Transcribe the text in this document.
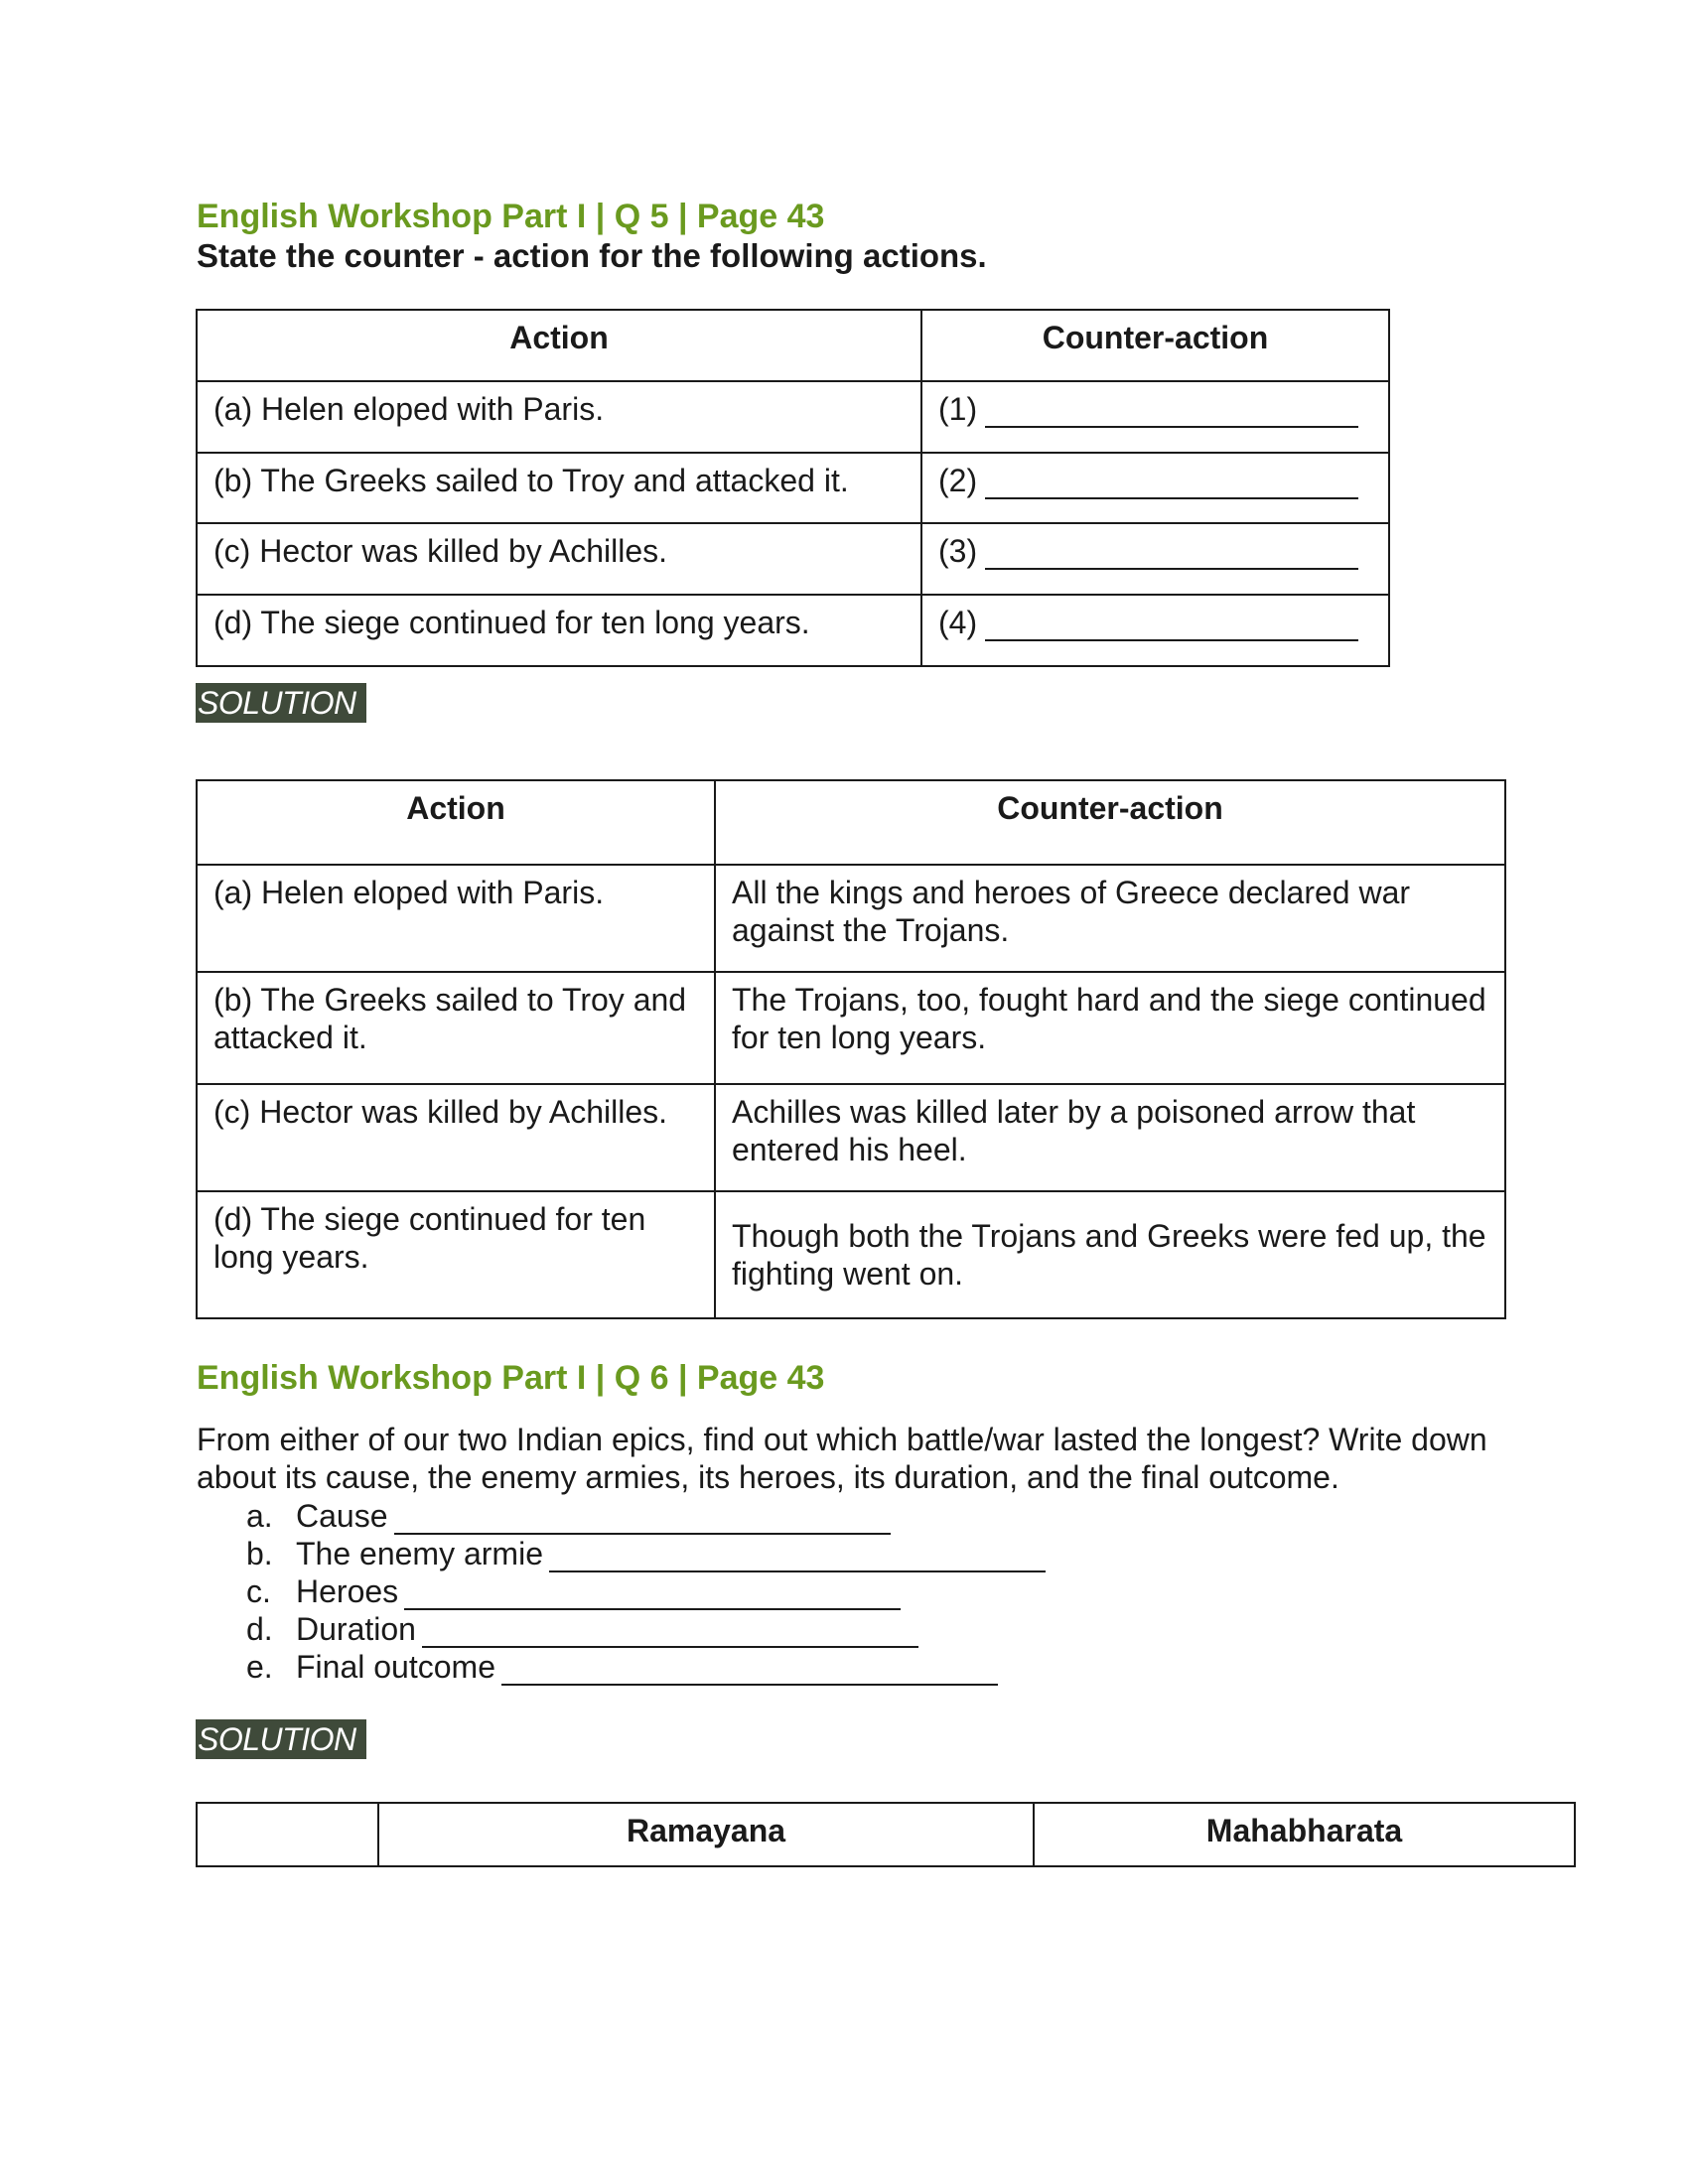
English Workshop Part I | Q 5 | Page 43

State the counter - action for the following actions.

Action	Counter-action
(a) Helen eloped with Paris.	(1)
(b) The Greeks sailed to Troy and attacked it.	(2)
(c) Hector was killed by Achilles.	(3)
(d) The siege continued for ten long years.	(4)
SOLUTION
Action	Counter-action
(a) Helen eloped with Paris.	All the kings and heroes of Greece declared war against the Trojans.
(b) The Greeks sailed to Troy and attacked it.	The Trojans, too, fought hard and the siege continued for ten long years.
(c) Hector was killed by Achilles.	Achilles was killed later by a poisoned arrow that entered his heel.
(d) The siege continued for ten long years.	Though both the Trojans and Greeks were fed up, the fighting went on.

English Workshop Part I | Q 6 | Page 43

From either of our two Indian epics, find out which battle/war lasted the longest? Write down about its cause, the enemy armies, its heroes, its duration, and the final outcome.

a. Cause
b. The enemy armie
c. Heroes
d. Duration
e. Final outcome
SOLUTION
	Ramayana	Mahabharata
